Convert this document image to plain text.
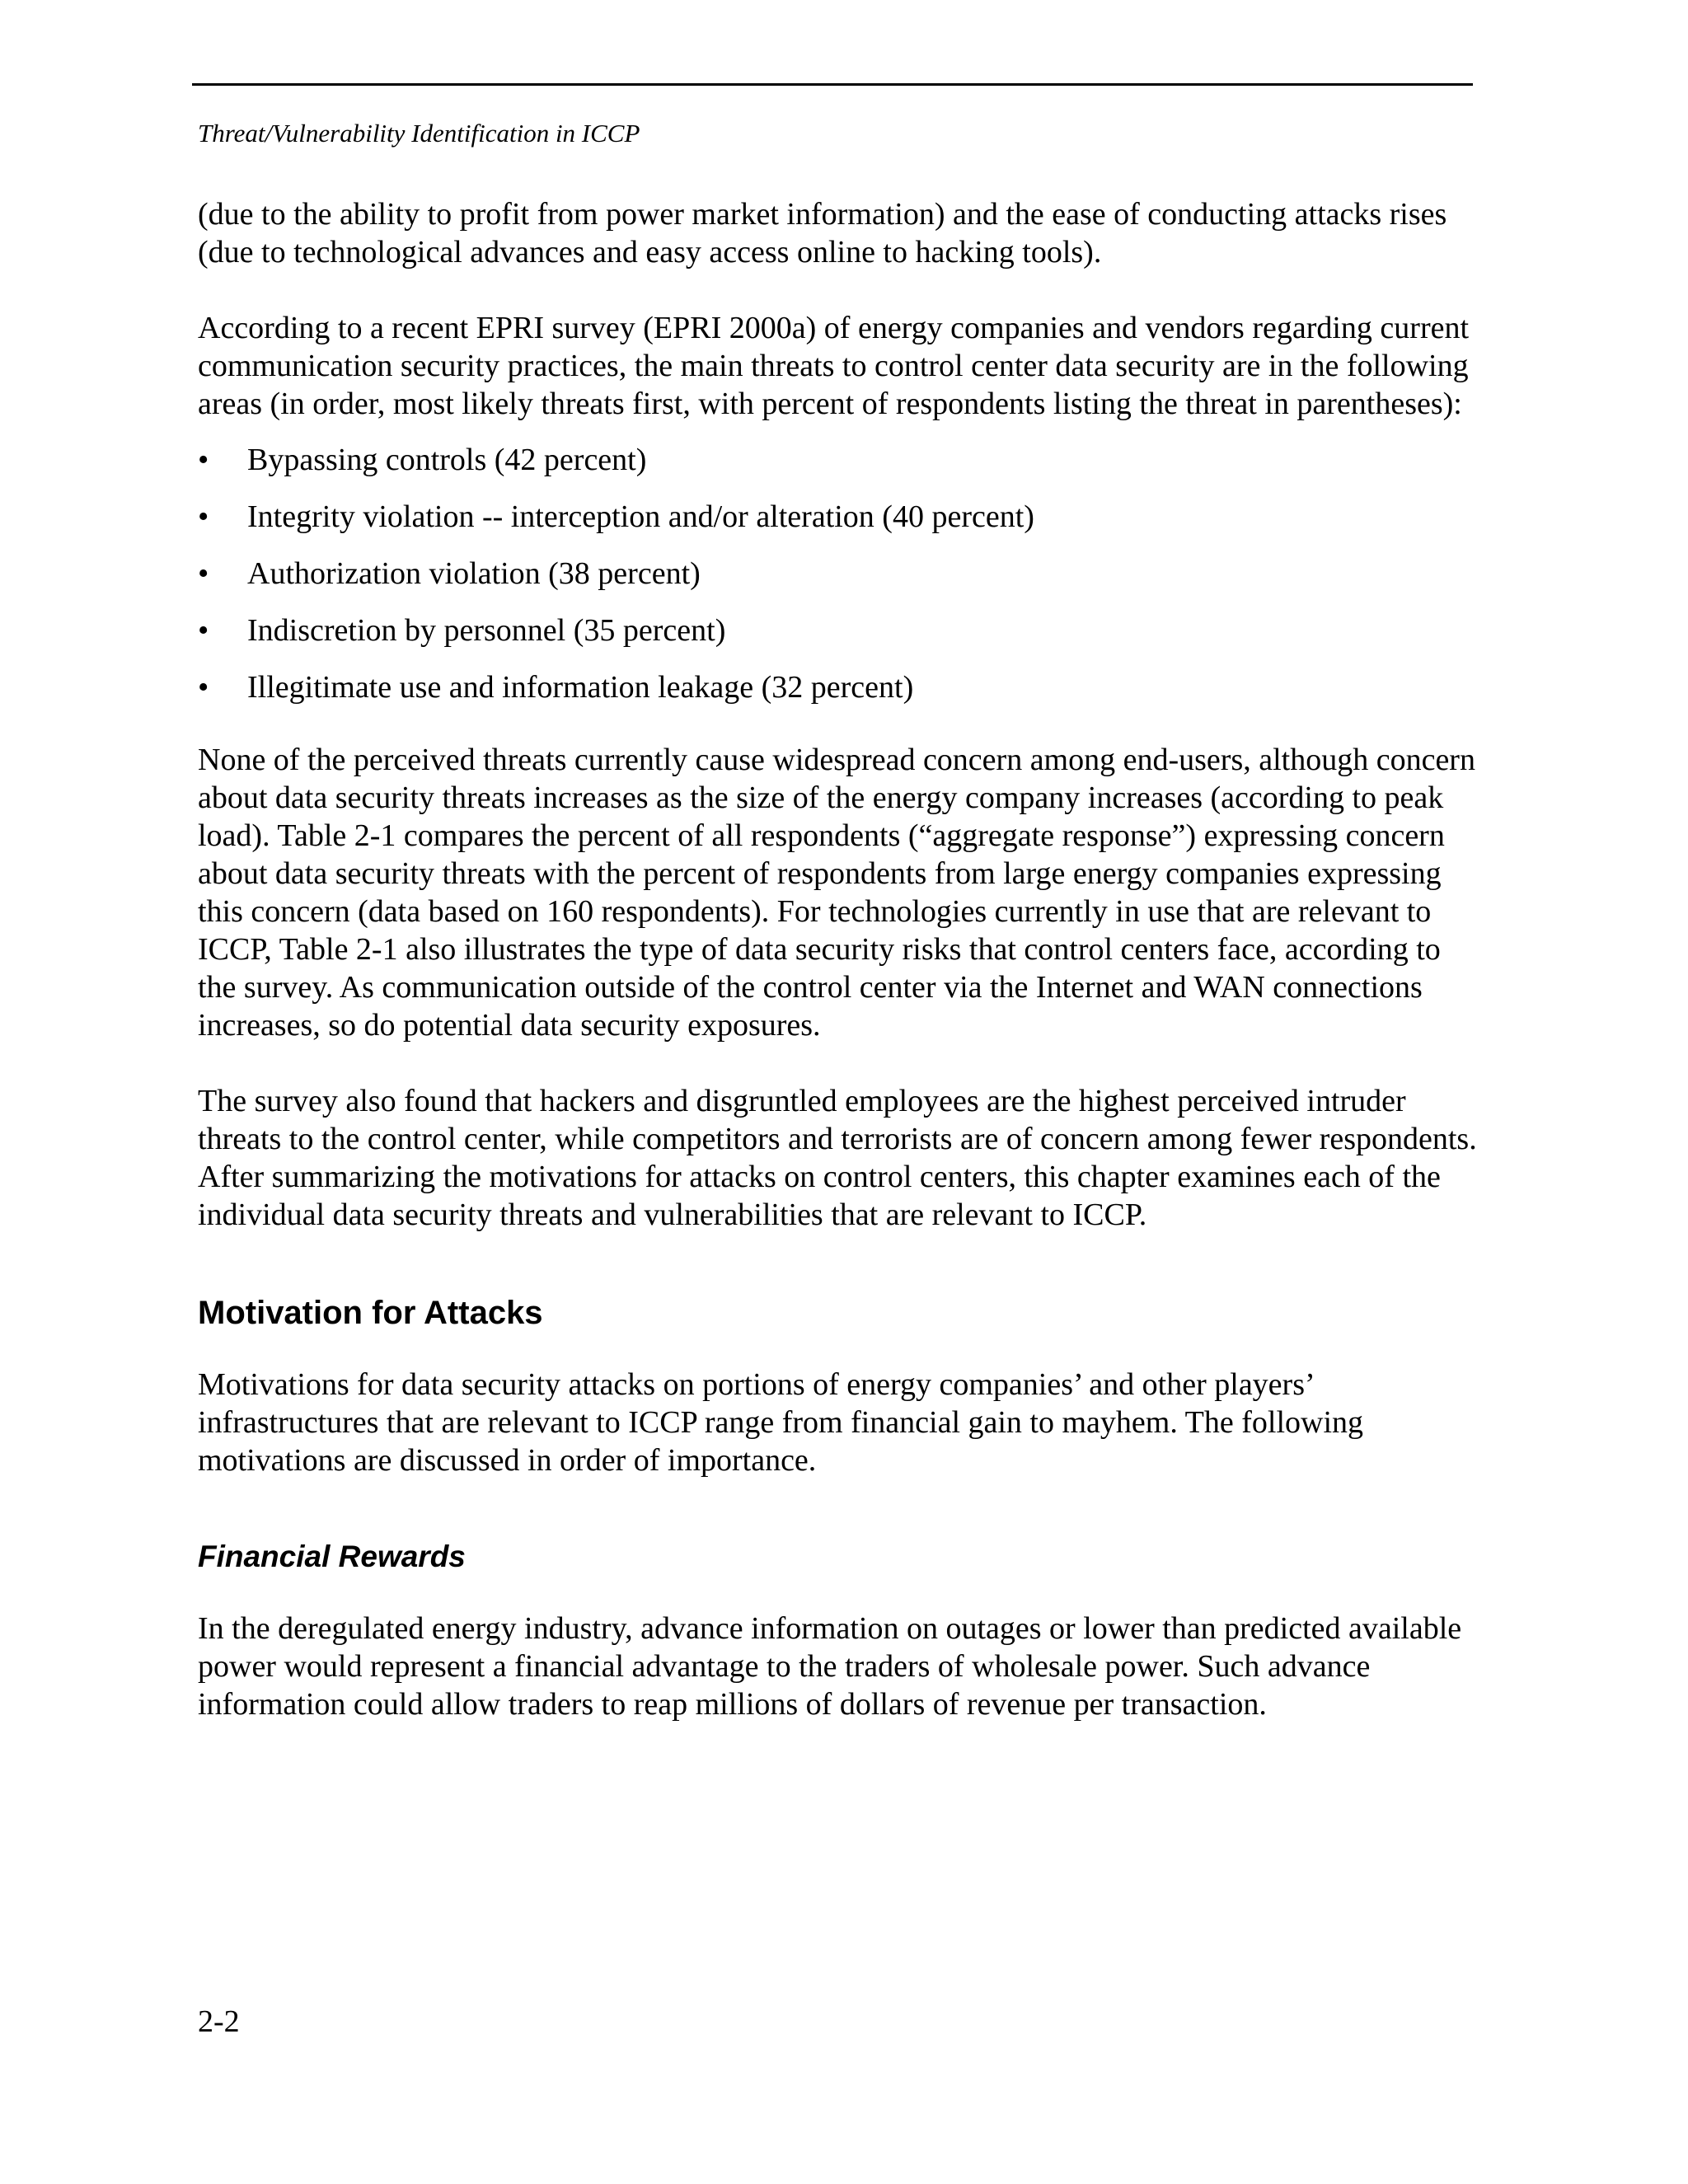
Threat/Vulnerability Identification in ICCP

(due to the ability to profit from power market information) and the ease of conducting attacks rises (due to technological advances and easy access online to hacking tools).

According to a recent EPRI survey (EPRI 2000a) of energy companies and vendors regarding current communication security practices, the main threats to control center data security are in the following areas (in order, most likely threats first, with percent of respondents listing the threat in parentheses):

• Bypassing controls (42 percent)
• Integrity violation -- interception and/or alteration (40 percent)
• Authorization violation (38 percent)
• Indiscretion by personnel (35 percent)
• Illegitimate use and information leakage (32 percent)

None of the perceived threats currently cause widespread concern among end-users, although concern about data security threats increases as the size of the energy company increases (according to peak load). Table 2-1 compares the percent of all respondents (“aggregate response”) expressing concern about data security threats with the percent of respondents from large energy companies expressing this concern (data based on 160 respondents). For technologies currently in use that are relevant to ICCP, Table 2-1 also illustrates the type of data security risks that control centers face, according to the survey. As communication outside of the control center via the Internet and WAN connections increases, so do potential data security exposures.

The survey also found that hackers and disgruntled employees are the highest perceived intruder threats to the control center, while competitors and terrorists are of concern among fewer respondents. After summarizing the motivations for attacks on control centers, this chapter examines each of the individual data security threats and vulnerabilities that are relevant to ICCP.

Motivation for Attacks

Motivations for data security attacks on portions of energy companies’ and other players’ infrastructures that are relevant to ICCP range from financial gain to mayhem. The following motivations are discussed in order of importance.

Financial Rewards

In the deregulated energy industry, advance information on outages or lower than predicted available power would represent a financial advantage to the traders of wholesale power. Such advance information could allow traders to reap millions of dollars of revenue per transaction.

2-2
